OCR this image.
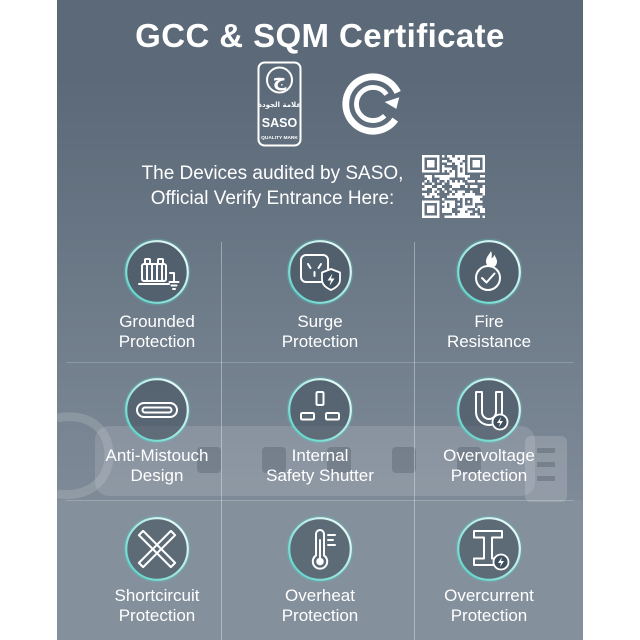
GCC & SQM Certificate
ج
علامة الجودة
SASO
QUALITY MARK
The Devices audited by SASO,
Official Verify Entrance Here:
Grounded
Protection
Surge
Protection
Fire
Resistance
Anti-Mistouch
Design
Internal
Safety Shutter
Overvoltage
Protection
Shortcircuit
Protection
Overheat
Protection
Overcurrent
Protection
